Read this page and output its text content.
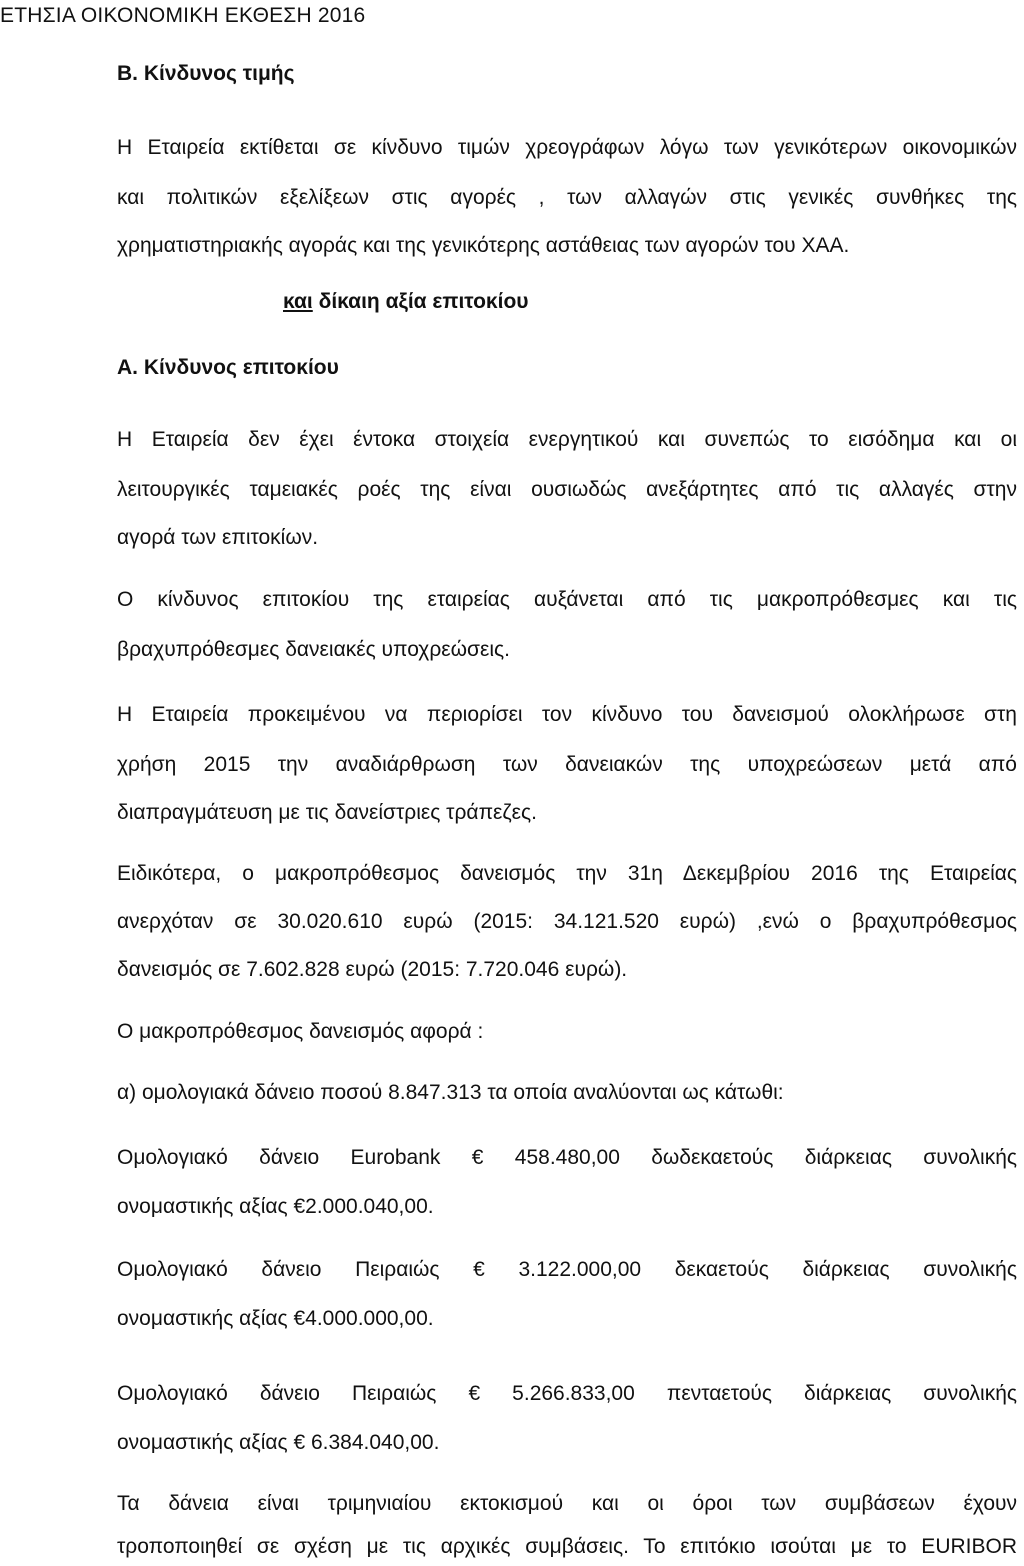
ΕΤΗΣΙΑ ΟΙΚΟΝΟΜΙΚΗ ΕΚΘΕΣΗ 2016
Β. Κίνδυνος τιμής
Η Εταιρεία εκτίθεται σε κίνδυνο τιμών χρεογράφων λόγω των γενικότερων οικονομικών
και πολιτικών εξελίξεων στις αγορές , των αλλαγών στις γενικές συνθήκες της
χρηματιστηριακής αγοράς και της γενικότερης αστάθειας των αγορών του ΧΑΑ.
και δίκαιη αξία επιτοκίου
Α. Κίνδυνος επιτοκίου
Η Εταιρεία δεν έχει έντοκα στοιχεία ενεργητικού και συνεπώς το εισόδημα και οι
λειτουργικές ταμειακές ροές της είναι ουσιωδώς ανεξάρτητες από τις αλλαγές στην
αγορά των επιτοκίων.
Ο κίνδυνος επιτοκίου της εταιρείας αυξάνεται από τις μακροπρόθεσμες και τις
βραχυπρόθεσμες δανειακές υποχρεώσεις.
Η Εταιρεία προκειμένου να περιορίσει τον κίνδυνο του δανεισμού ολοκλήρωσε στη
χρήση 2015 την αναδιάρθρωση των δανειακών της υποχρεώσεων μετά από
διαπραγμάτευση με τις δανείστριες τράπεζες.
Ειδικότερα, ο μακροπρόθεσμος δανεισμός την 31η Δεκεμβρίου 2016 της Εταιρείας
ανερχόταν σε 30.020.610 ευρώ (2015: 34.121.520 ευρώ) ,ενώ ο βραχυπρόθεσμος
δανεισμός σε 7.602.828 ευρώ (2015: 7.720.046 ευρώ).
Ο μακροπρόθεσμος δανεισμός αφορά :
α) ομολογιακά δάνειο ποσού 8.847.313 τα οποία αναλύονται ως κάτωθι:
Ομολογιακό δάνειο Eurobank € 458.480,00 δωδεκαετούς διάρκειας συνολικής
ονομαστικής αξίας €2.000.040,00.
Ομολογιακό δάνειο Πειραιώς € 3.122.000,00 δεκαετούς διάρκειας συνολικής
ονομαστικής αξίας €4.000.000,00.
Ομολογιακό δάνειο Πειραιώς € 5.266.833,00 πενταετούς διάρκειας συνολικής
ονομαστικής αξίας € 6.384.040,00.
Τα δάνεια είναι τριμηνιαίου εκτοκισμού και οι όροι των συμβάσεων έχουν
τροποποιηθεί σε σχέση με τις αρχικές συμβάσεις. Το επιτόκιο ισούται με το EURIBOR
